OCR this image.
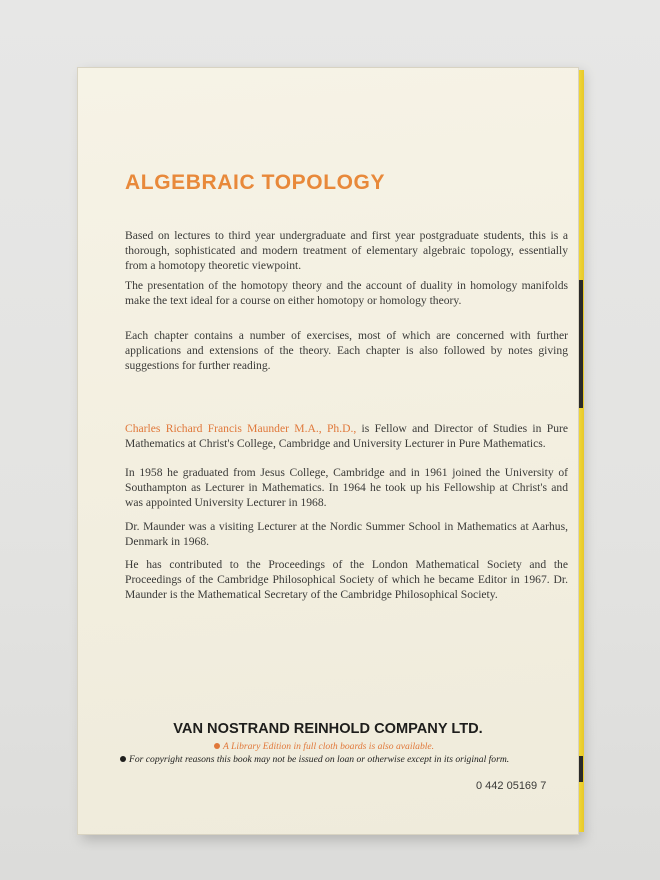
ALGEBRAIC TOPOLOGY

Based on lectures to third year undergraduate and first year postgraduate students, this is a thorough, sophisticated and modern treatment of elementary algebraic topology, essentially from a homotopy theoretic viewpoint.

The presentation of the homotopy theory and the account of duality in homology manifolds make the text ideal for a course on either homotopy or homology theory.

Each chapter contains a number of exercises, most of which are concerned with further applications and extensions of the theory. Each chapter is also followed by notes giving suggestions for further reading.

Charles Richard Francis Maunder M.A., Ph.D., is Fellow and Director of Studies in Pure Mathematics at Christ's College, Cambridge and University Lecturer in Pure Mathematics.

In 1958 he graduated from Jesus College, Cambridge and in 1961 joined the University of Southampton as Lecturer in Mathematics. In 1964 he took up his Fellowship at Christ's and was appointed University Lecturer in 1968.

Dr. Maunder was a visiting Lecturer at the Nordic Summer School in Mathematics at Aarhus, Denmark in 1968.

He has contributed to the Proceedings of the London Mathematical Society and the Proceedings of the Cambridge Philosophical Society of which he became Editor in 1967. Dr. Maunder is the Mathematical Secretary of the Cambridge Philosophical Society.

VAN NOSTRAND REINHOLD COMPANY LTD.

A Library Edition in full cloth boards is also available.

For copyright reasons this book may not be issued on loan or otherwise except in its original form.

0 442 05169 7
